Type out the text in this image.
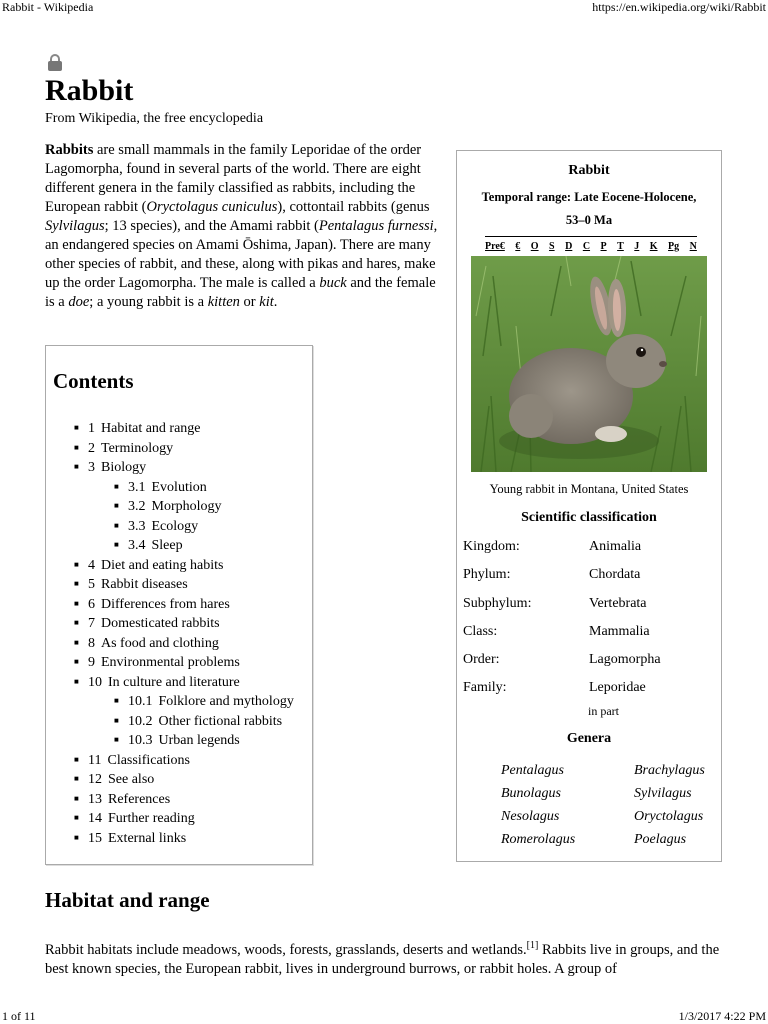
Rabbit - Wikipedia	https://en.wikipedia.org/wiki/Rabbit
Rabbit
From Wikipedia, the free encyclopedia

Rabbits are small mammals in the family Leporidae of the order Lagomorpha, found in several parts of the world. There are eight different genera in the family classified as rabbits, including the European rabbit (Oryctolagus cuniculus), cottontail rabbits (genus Sylvilagus; 13 species), and the Amami rabbit (Pentalagus furnessi, an endangered species on Amami Ōshima, Japan). There are many other species of rabbit, and these, along with pikas and hares, make up the order Lagomorpha. The male is called a buck and the female is a doe; a young rabbit is a kitten or kit.

Contents
■ 1 Habitat and range
■ 2 Terminology
■ 3 Biology
■ 3.1 Evolution
■ 3.2 Morphology
■ 3.3 Ecology
■ 3.4 Sleep
■ 4 Diet and eating habits
■ 5 Rabbit diseases
■ 6 Differences from hares
■ 7 Domesticated rabbits
■ 8 As food and clothing
■ 9 Environmental problems
■ 10 In culture and literature
■ 10.1 Folklore and mythology
■ 10.2 Other fictional rabbits
■ 10.3 Urban legends
■ 11 Classifications
■ 12 See also
■ 13 References
■ 14 Further reading
■ 15 External links
Rabbit
Temporal range: Late Eocene-Holocene,
53–0 Ma
Pre€ € O S D C P T J K Pg N
Young rabbit in Montana, United States
Scientific classification
Kingdom:	Animalia
Phylum:	Chordata
Subphylum:	Vertebrata
Class:	Mammalia
Order:	Lagomorpha
Family:	Leporidae
in part
Genera
Pentalagus	Brachylagus
Bunolagus	Sylvilagus
Nesolagus	Oryctolagus
Romerolagus	Poelagus
Habitat and range

Rabbit habitats include meadows, woods, forests, grasslands, deserts and wetlands.[1] Rabbits live in groups, and the best known species, the European rabbit, lives in underground burrows, or rabbit holes. A group of

1 of 11	1/3/2017 4:22 PM
